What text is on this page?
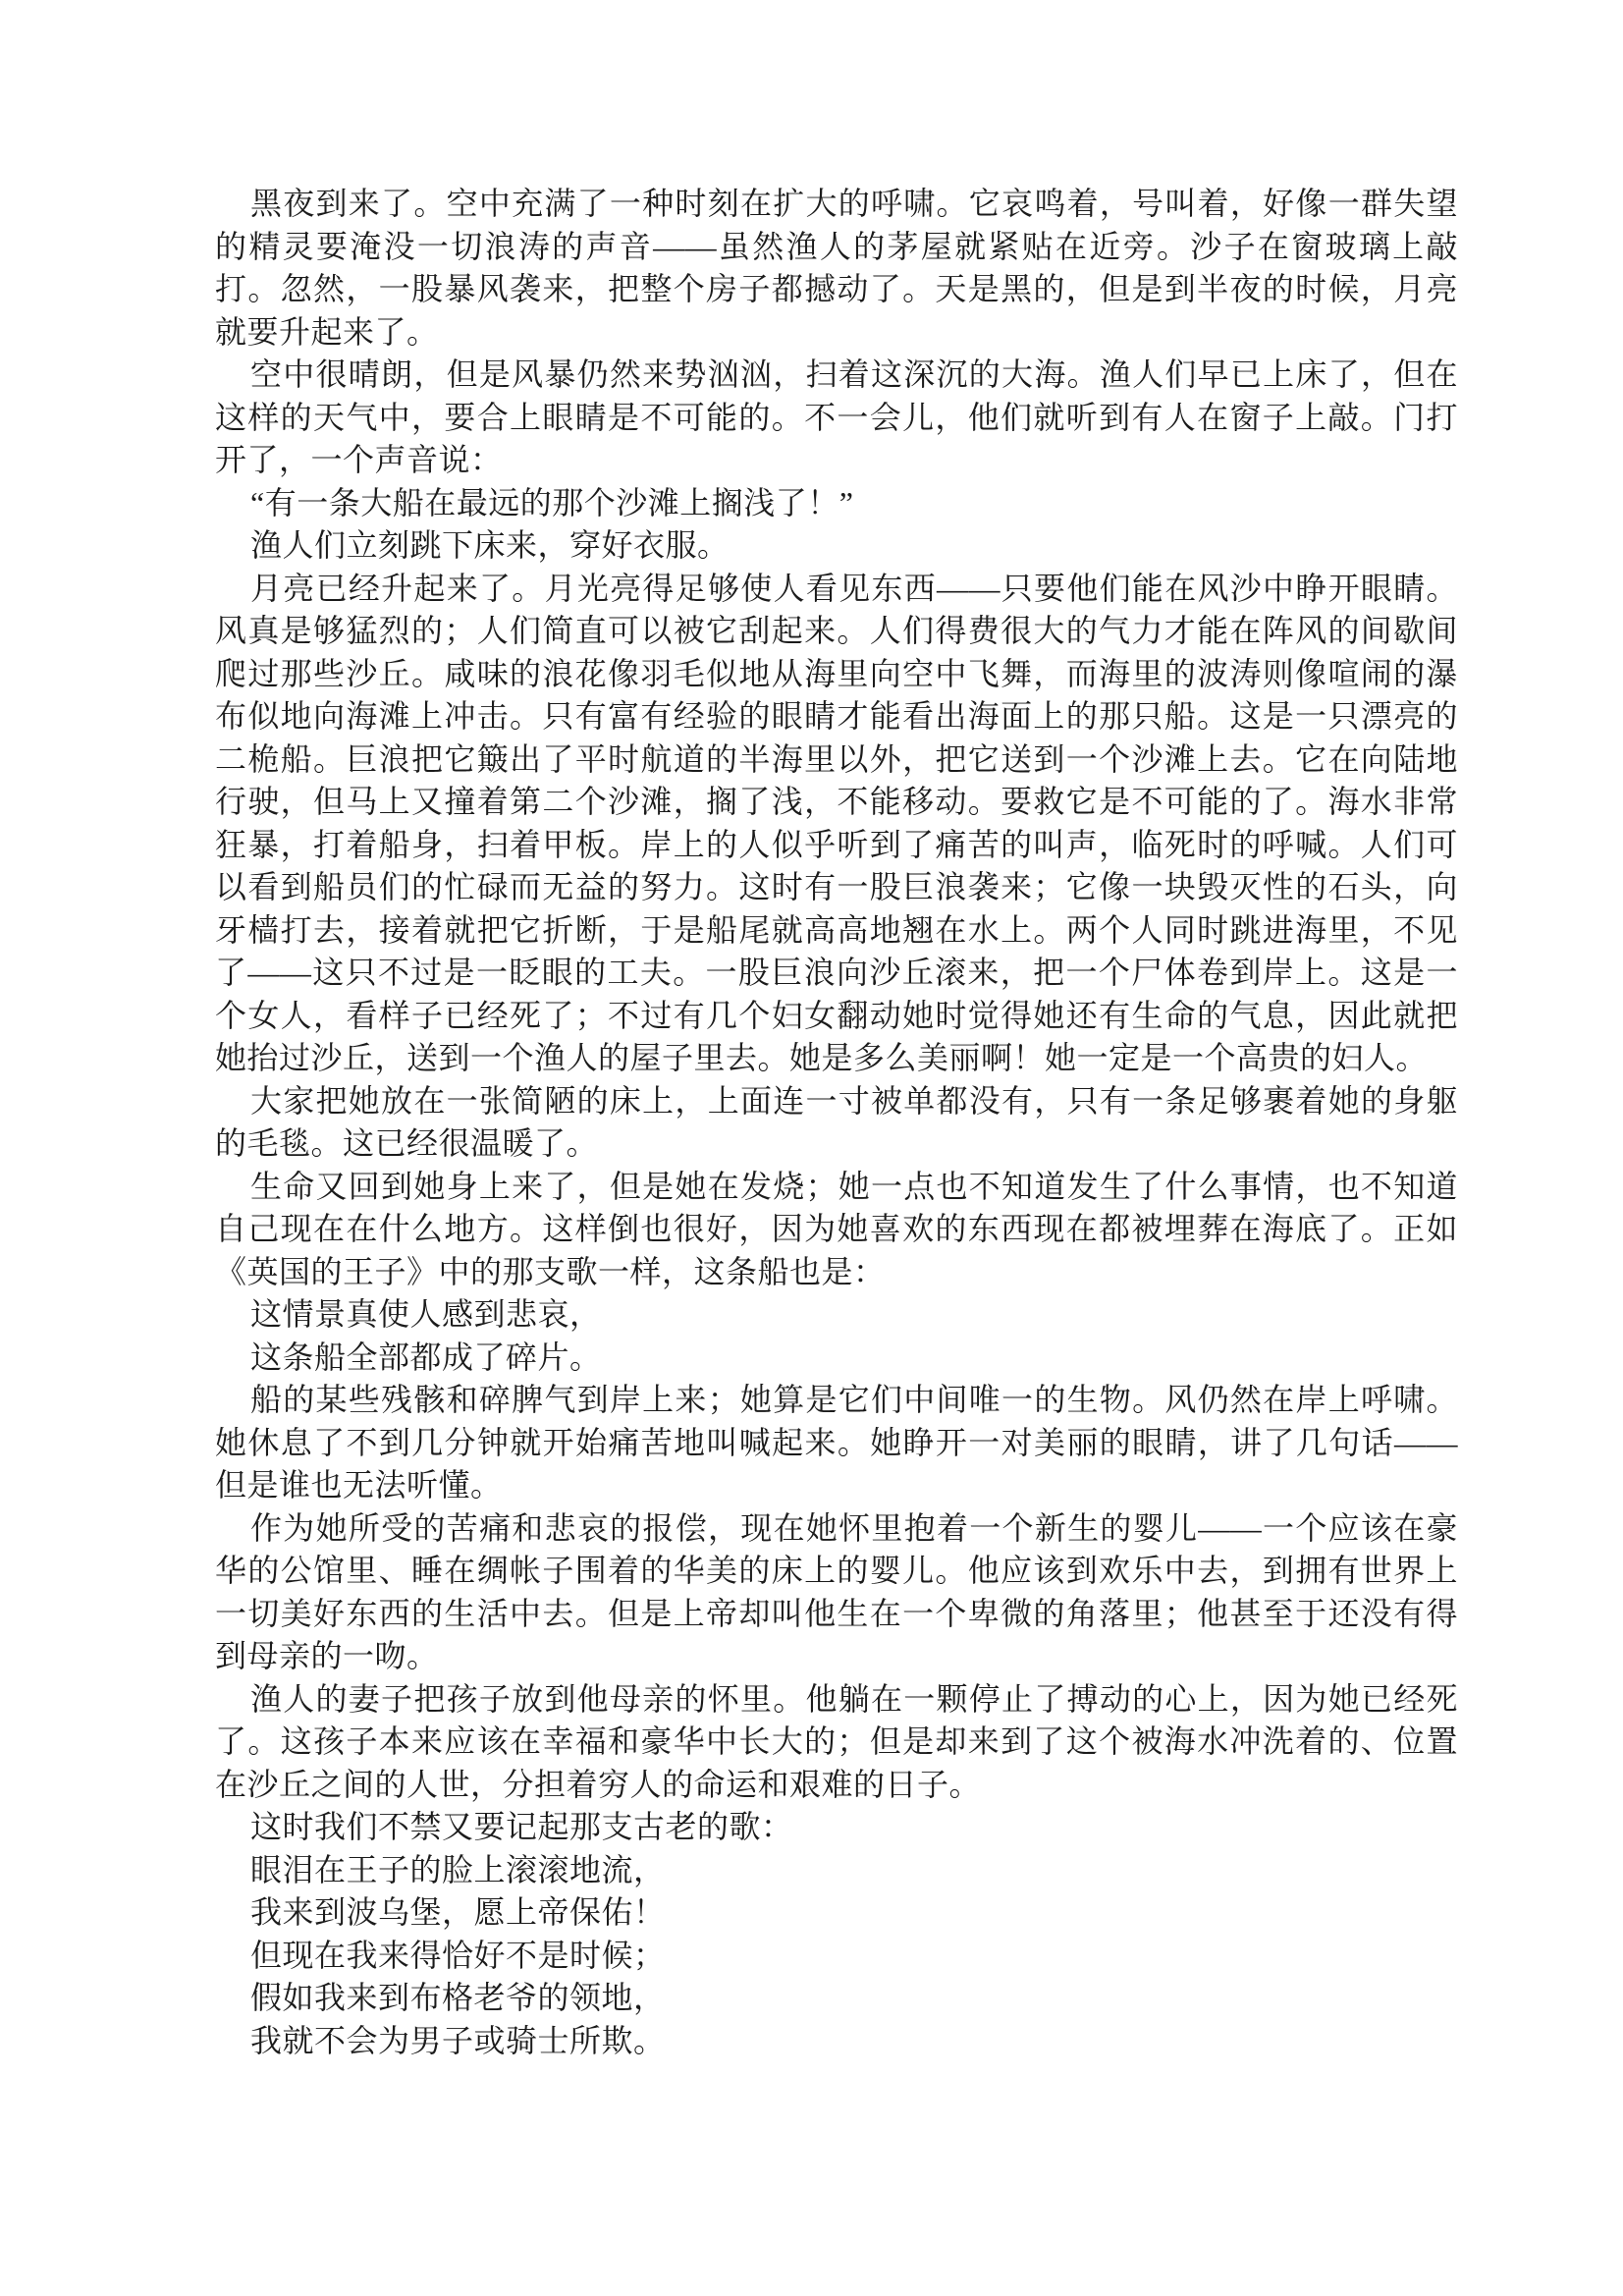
黑夜到来了。空中充满了一种时刻在扩大的呼啸。它哀鸣着，号叫着，好像一群失望的精灵要淹没一切浪涛的声音——虽然渔人的茅屋就紧贴在近旁。沙子在窗玻璃上敲打。忽然，一股暴风袭来，把整个房子都撼动了。天是黑的，但是到半夜的时候，月亮就要升起来了。

空中很晴朗，但是风暴仍然来势汹汹，扫着这深沉的大海。渔人们早已上床了，但在这样的天气中，要合上眼睛是不可能的。不一会儿，他们就听到有人在窗子上敲。门打开了，一个声音说：

“有一条大船在最远的那个沙滩上搁浅了！”

渔人们立刻跳下床来，穿好衣服。

月亮已经升起来了。月光亮得足够使人看见东西——只要他们能在风沙中睁开眼睛。风真是够猛烈的；人们简直可以被它刮起来。人们得费很大的气力才能在阵风的间歇间爬过那些沙丘。咸味的浪花像羽毛似地从海里向空中飞舞，而海里的波涛则像喧闹的瀑布似地向海滩上冲击。只有富有经验的眼睛才能看出海面上的那只船。这是一只漂亮的二桅船。巨浪把它簸出了平时航道的半海里以外，把它送到一个沙滩上去。它在向陆地行驶，但马上又撞着第二个沙滩，搁了浅，不能移动。要救它是不可能的了。海水非常狂暴，打着船身，扫着甲板。岸上的人似乎听到了痛苦的叫声，临死时的呼喊。人们可以看到船员们的忙碌而无益的努力。这时有一股巨浪袭来；它像一块毁灭性的石头，向牙樯打去，接着就把它折断，于是船尾就高高地翘在水上。两个人同时跳进海里，不见了——这只不过是一眨眼的工夫。一股巨浪向沙丘滚来，把一个尸体卷到岸上。这是一个女人，看样子已经死了；不过有几个妇女翻动她时觉得她还有生命的气息，因此就把她抬过沙丘，送到一个渔人的屋子里去。她是多么美丽啊！她一定是一个高贵的妇人。

大家把她放在一张简陋的床上，上面连一寸被单都没有，只有一条足够裹着她的身躯的毛毯。这已经很温暖了。

生命又回到她身上来了，但是她在发烧；她一点也不知道发生了什么事情，也不知道自己现在在什么地方。这样倒也很好，因为她喜欢的东西现在都被埋葬在海底了。正如《英国的王子》中的那支歌一样，这条船也是：

这情景真使人感到悲哀，

这条船全部都成了碎片。

船的某些残骸和碎脾气到岸上来；她算是它们中间唯一的生物。风仍然在岸上呼啸。她休息了不到几分钟就开始痛苦地叫喊起来。她睁开一对美丽的眼睛，讲了几句话——但是谁也无法听懂。

作为她所受的苦痛和悲哀的报偿，现在她怀里抱着一个新生的婴儿——一个应该在豪华的公馆里、睡在绸帐子围着的华美的床上的婴儿。他应该到欢乐中去，到拥有世界上一切美好东西的生活中去。但是上帝却叫他生在一个卑微的角落里；他甚至于还没有得到母亲的一吻。

渔人的妻子把孩子放到他母亲的怀里。他躺在一颗停止了搏动的心上，因为她已经死了。这孩子本来应该在幸福和豪华中长大的；但是却来到了这个被海水冲洗着的、位置在沙丘之间的人世，分担着穷人的命运和艰难的日子。

这时我们不禁又要记起那支古老的歌：

眼泪在王子的脸上滚滚地流，

我来到波乌堡，愿上帝保佑！

但现在我来得恰好不是时候；

假如我来到布格老爷的领地，

我就不会为男子或骑士所欺。
